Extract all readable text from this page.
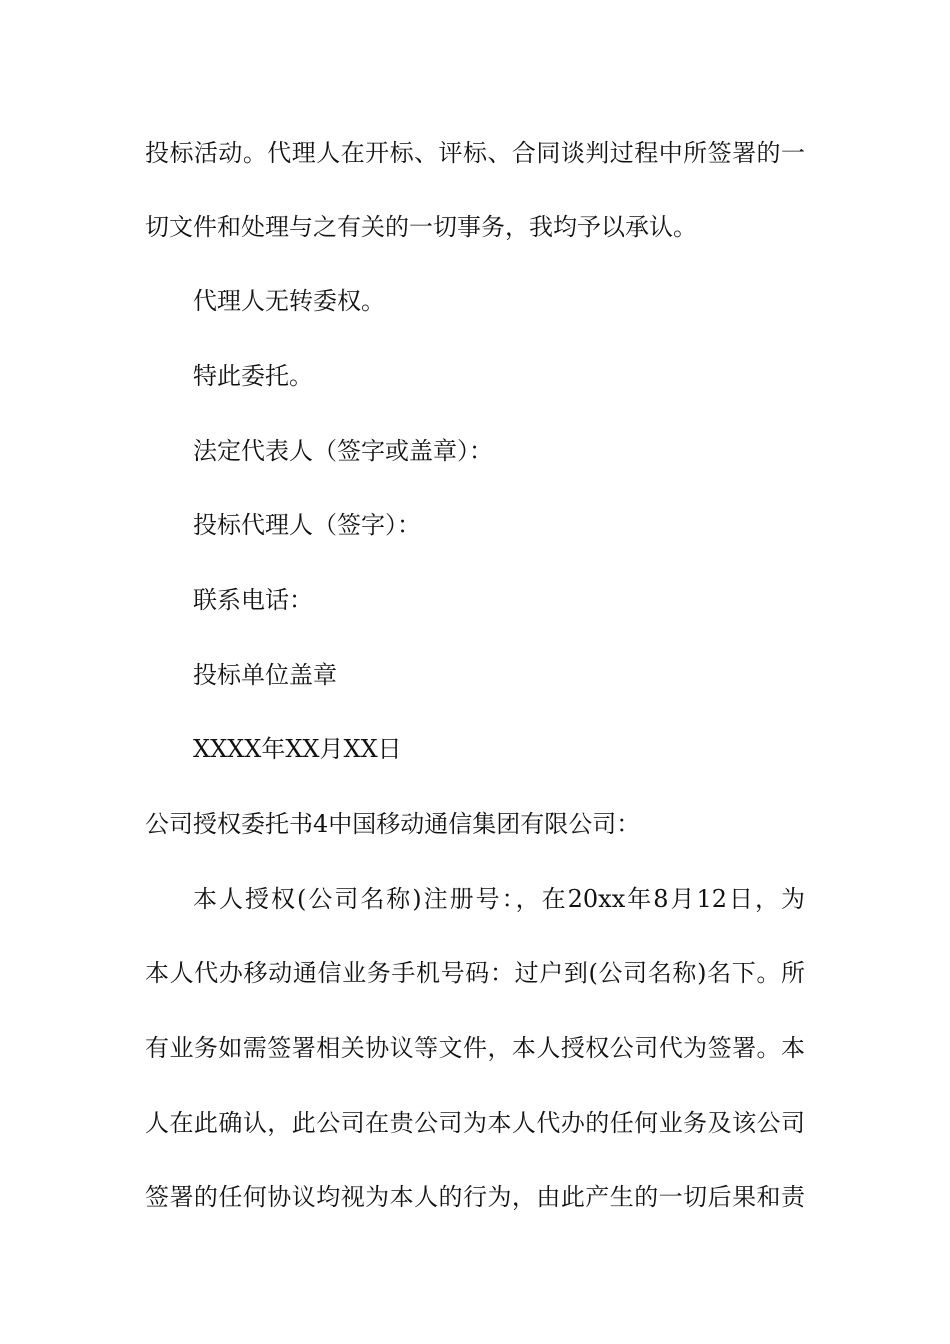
投标活动。代理人在开标、评标、合同谈判过程中所签署的一
切文件和处理与之有关的一切事务，我均予以承认。
代理人无转委权。
特此委托。
法定代表人（签字或盖章）：
投标代理人（签字）：
联系电话：
投标单位盖章
XXXX年XX月XX日
公司授权委托书4中国移动通信集团有限公司：
本人授权(公司名称)注册号：，在20xx年8月12日，为
本人代办移动通信业务手机号码：过户到(公司名称)名下。所
有业务如需签署相关协议等文件，本人授权公司代为签署。本
人在此确认，此公司在贵公司为本人代办的任何业务及该公司
签署的任何协议均视为本人的行为，由此产生的一切后果和责
